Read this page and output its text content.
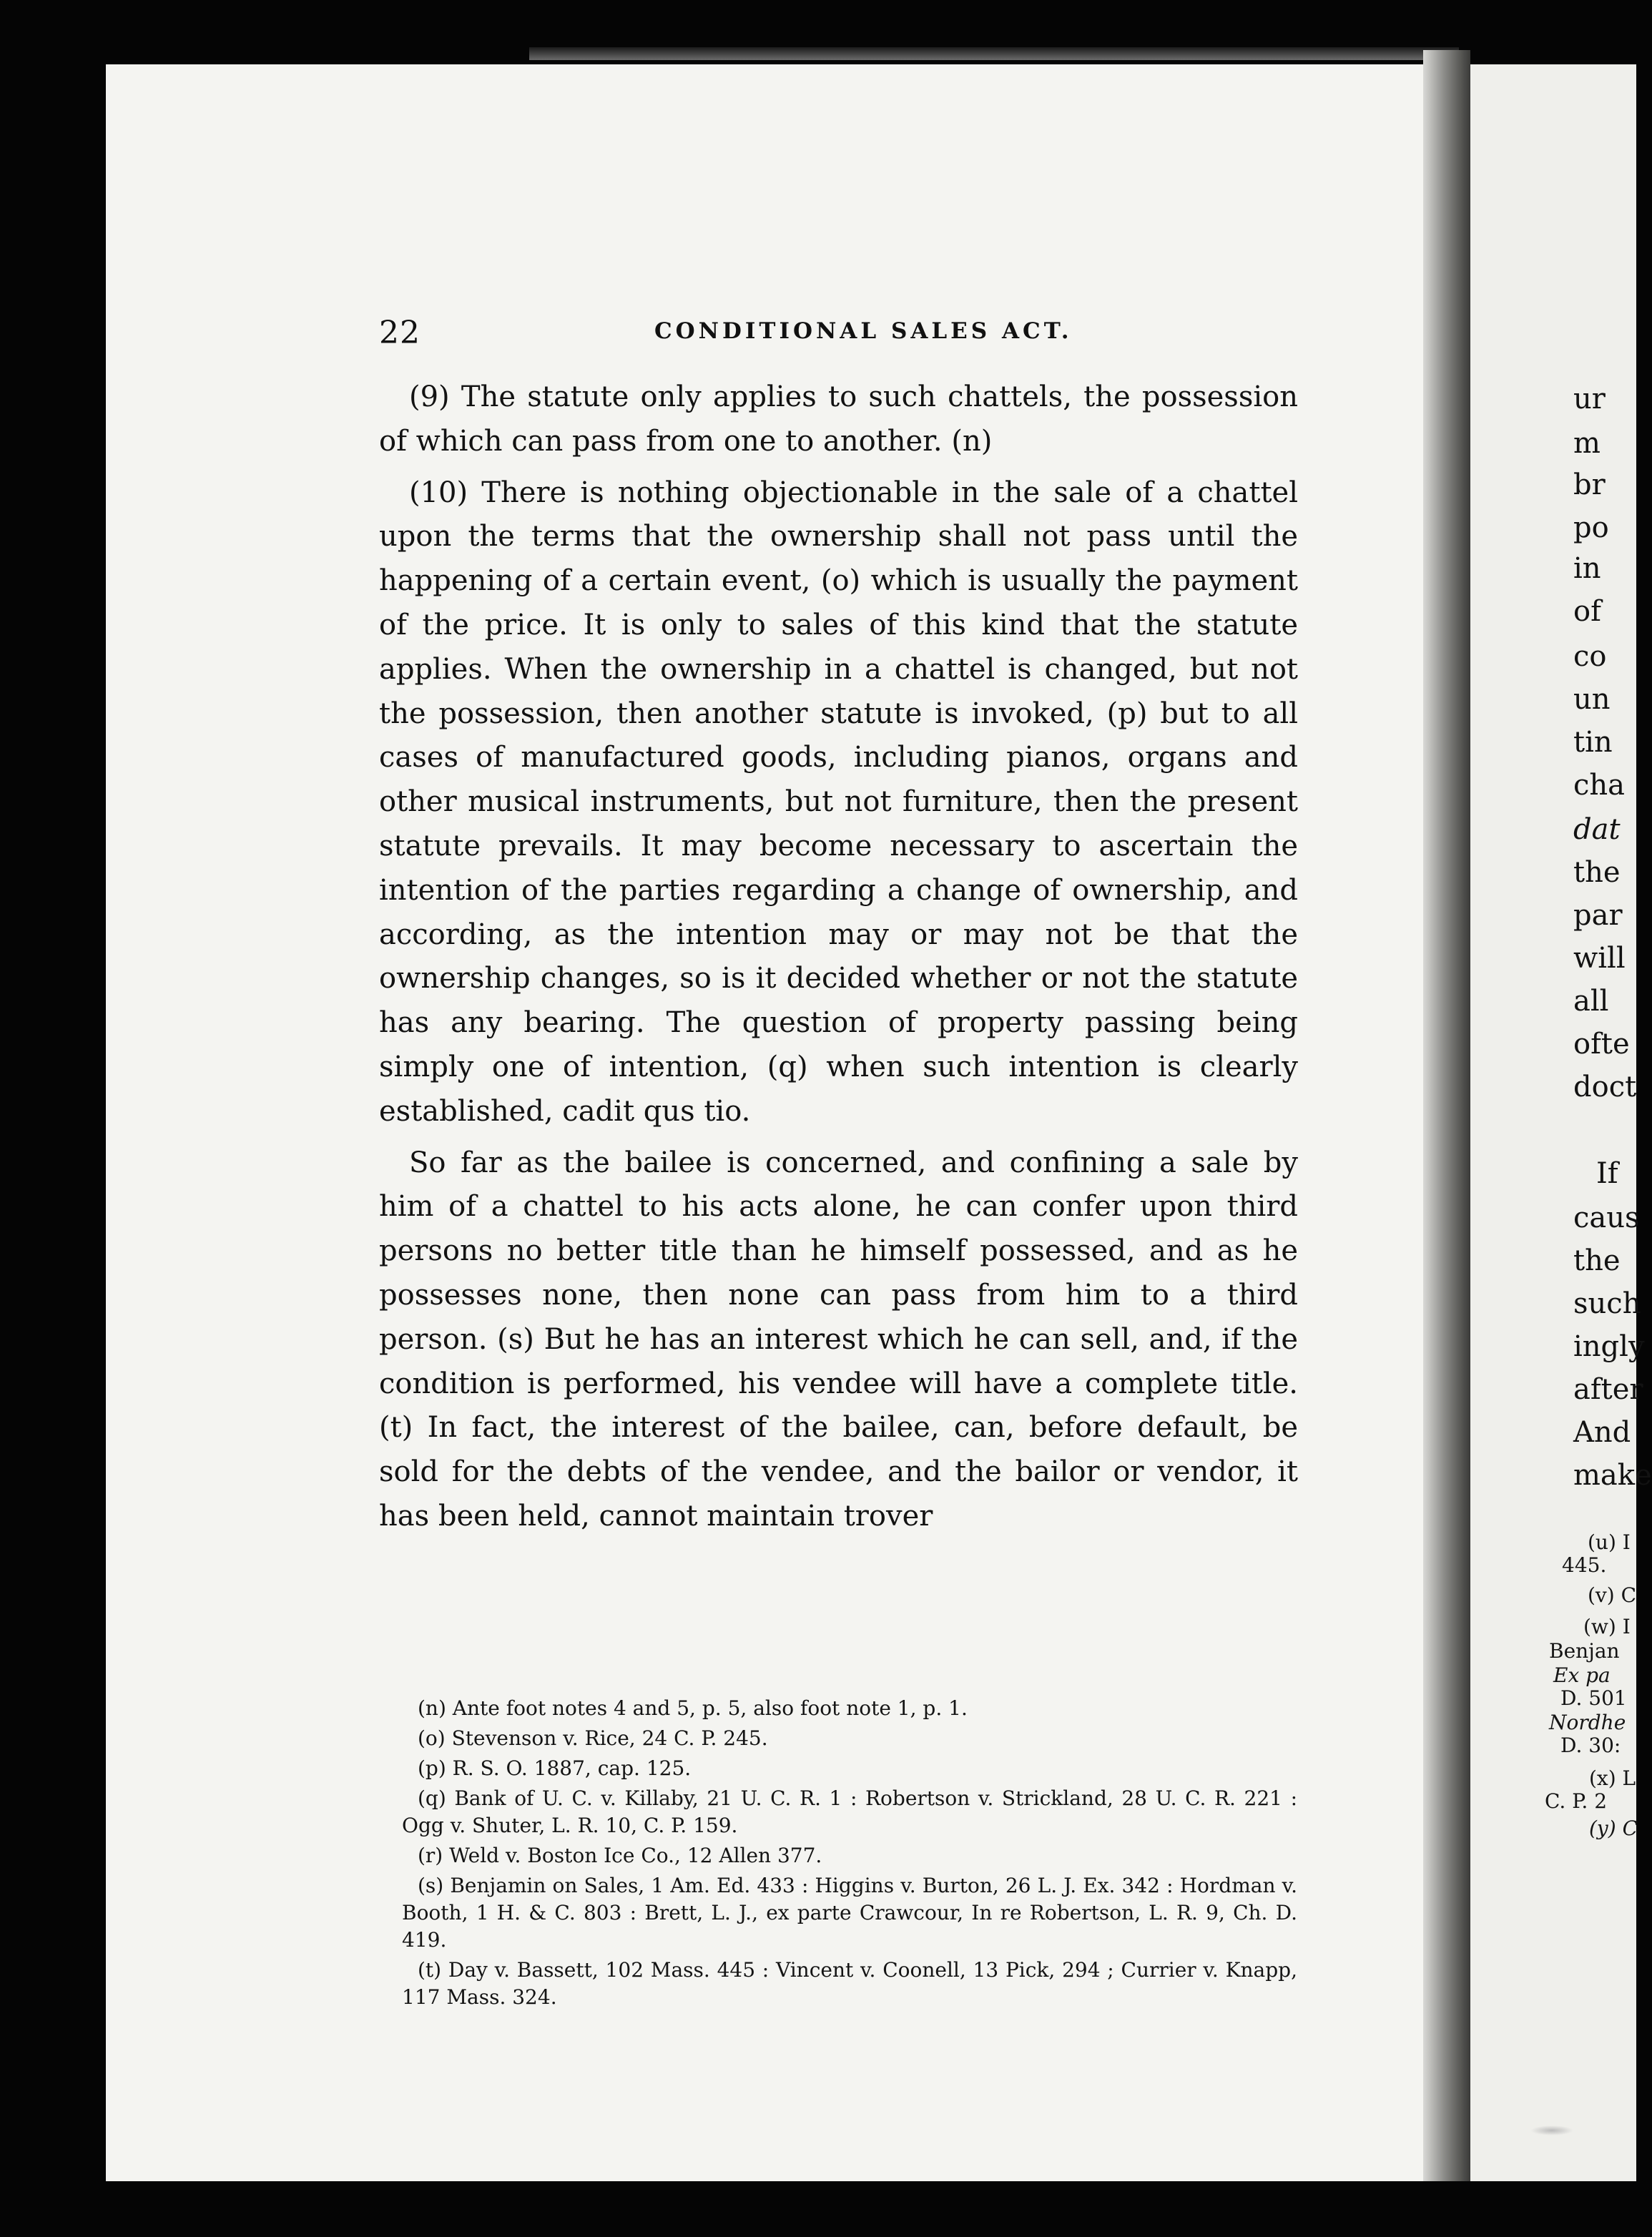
22	CONDITIONAL SALES ACT.

(9) The statute only applies to such chattels, the possession of which can pass from one to another. (n)

(10) There is nothing objectionable in the sale of a chattel upon the terms that the ownership shall not pass until the happening of a certain event, (o) which is usually the payment of the price. It is only to sales of this kind that the statute applies. When the ownership in a chattel is changed, but not the possession, then another statute is invoked, (p) but to all cases of manufactured goods, including pianos, organs and other musical instruments, but not furniture, then the present statute prevails. It may become necessary to ascertain the intention of the parties regarding a change of ownership, and according, as the intention may or may not be that the ownership changes, so is it decided whether or not the statute has any bearing. The question of property passing being simply one of intention, (q) when such intention is clearly established, cadit qus tio.

So far as the bailee is concerned, and confining a sale by him of a chattel to his acts alone, he can confer upon third persons no better title than he himself possessed, and as he possesses none, then none can pass from him to a third person. (s) But he has an interest which he can sell, and, if the condition is performed, his vendee will have a complete title. (t) In fact, the interest of the bailee, can, before default, be sold for the debts of the vendee, and the bailor or vendor, it has been held, cannot maintain trover

(n) Ante foot notes 4 and 5, p. 5, also foot note 1, p. 1.

(o) Stevenson v. Rice, 24 C. P. 245.

(p) R. S. O. 1887, cap. 125.

(q) Bank of U. C. v. Killaby, 21 U. C. R. 1 : Robertson v. Strickland, 28 U. C. R. 221 : Ogg v. Shuter, L. R. 10, C. P. 159.

(r) Weld v. Boston Ice Co., 12 Allen 377.

(s) Benjamin on Sales, 1 Am. Ed. 433 : Higgins v. Burton, 26 L. J. Ex. 342 : Hordman v. Booth, 1 H. & C. 803 : Brett, L. J., ex parte Crawcour, In re Robertson, L. R. 9, Ch. D. 419.

(t) Day v. Bassett, 102 Mass. 445 : Vincent v. Coonell, 13 Pick, 294 ; Currier v. Knapp, 117 Mass. 324.

ur
m
br
po
in
of
co
un
tin
cha
dat
the
par
will
all
ofte
doct
If
caus
the
such
ingly
after
And
make
(u) I
445.
(v) C
(w) I
Benjan
Ex pa
D. 501
Nordhe
D. 30:
(x) L
C. P. 2
(y) C
